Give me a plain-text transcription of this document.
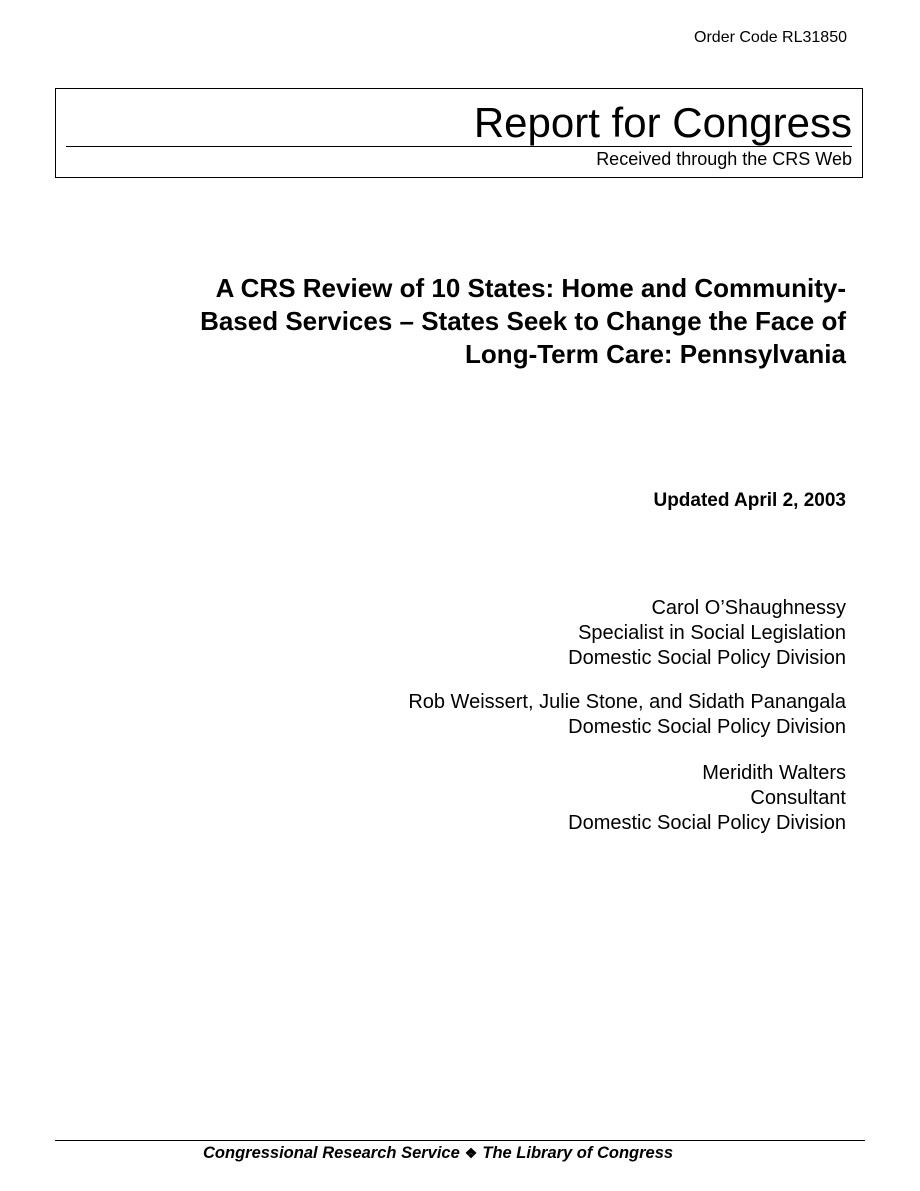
Order Code RL31850
Report for Congress
Received through the CRS Web
A CRS Review of 10 States: Home and Community-Based Services – States Seek to Change the Face of Long-Term Care: Pennsylvania
Updated April 2, 2003
Carol O’Shaughnessy
Specialist in Social Legislation
Domestic Social Policy Division
Rob Weissert, Julie Stone, and Sidath Panangala
Domestic Social Policy Division
Meridith Walters
Consultant
Domestic Social Policy Division
Congressional Research Service ❖ The Library of Congress
